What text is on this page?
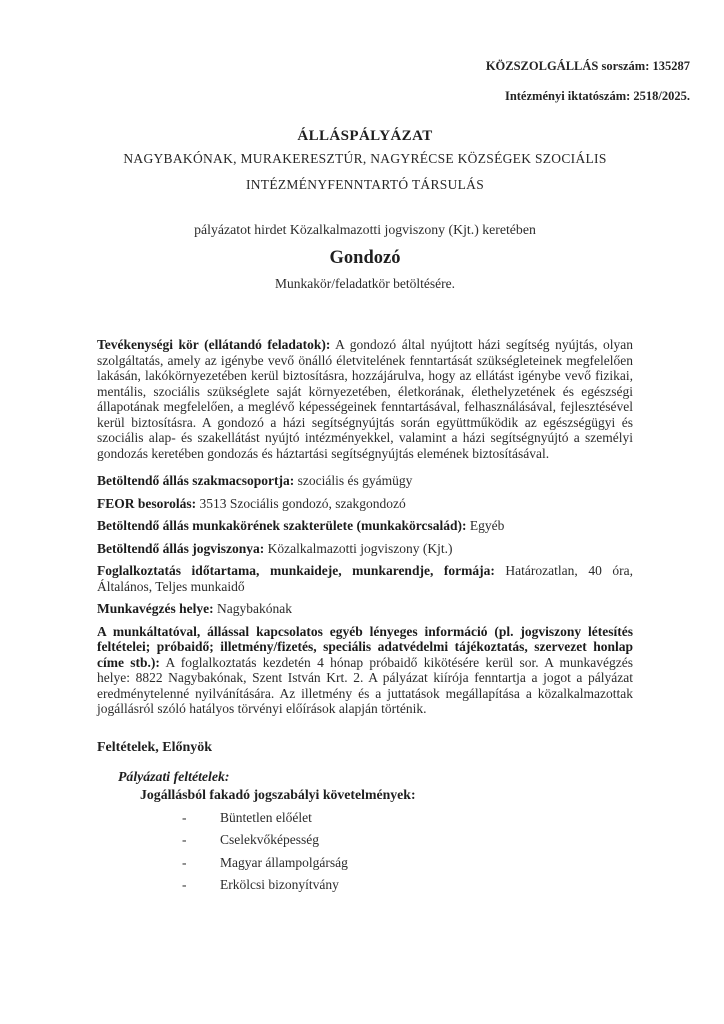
KÖZSZOLGÁLLÁS sorszám: 135287

Intézményi iktatószám: 2518/2025.

ÁLLÁSPÁLYÁZAT

NAGYBAKÓNAK, MURAKERESZTÚR, NAGYRÉCSE KÖZSÉGEK SZOCIÁLIS

INTÉZMÉNYFENNTARTÓ TÁRSULÁS

pályázatot hirdet Közalkalmazotti jogviszony (Kjt.) keretében

Gondozó

Munkakör/feladatkör betöltésére.

Tevékenységi kör (ellátandó feladatok): A gondozó által nyújtott házi segítség nyújtás, olyan szolgáltatás, amely az igénybe vevő önálló életvitelének fenntartását szükségleteinek megfelelően lakásán, lakókörnyezetében kerül biztosításra, hozzájárulva, hogy az ellátást igénybe vevő fizikai, mentális, szociális szükséglete saját környezetében, életkorának, élethelyzetének és egészségi állapotának megfelelően, a meglévő képességeinek fenntartásával, felhasználásával, fejlesztésével kerül biztosításra. A gondozó a házi segítségnyújtás során együttműködik az egészségügyi és szociális alap- és szakellátást nyújtó intézményekkel, valamint a házi segítségnyújtó a személyi gondozás keretében gondozás és háztartási segítségnyújtás elemének biztosításával.

Betöltendő állás szakmacsoportja: szociális és gyámügy

FEOR besorolás: 3513 Szociális gondozó, szakgondozó

Betöltendő állás munkakörének szakterülete (munkakörcsalád): Egyéb

Betöltendő állás jogviszonya: Közalkalmazotti jogviszony (Kjt.)

Foglalkoztatás időtartama, munkaideje, munkarendje, formája: Határozatlan, 40 óra, Általános, Teljes munkaidő

Munkavégzés helye: Nagybakónak

A munkáltatóval, állással kapcsolatos egyéb lényeges információ (pl. jogviszony létesítés feltételei; próbaidő; illetmény/fizetés, speciális adatvédelmi tájékoztatás, szervezet honlap címe stb.): A foglalkoztatás kezdetén 4 hónap próbaidő kikötésére kerül sor. A munkavégzés helye: 8822 Nagybakónak, Szent István Krt. 2. A pályázat kiírója fenntartja a jogot a pályázat eredménytelenné nyilvánítására. Az illetmény és a juttatások megállapítása a közalkalmazottak jogállásról szóló hatályos törvényi előírások alapján történik.

Feltételek, Előnyök

Pályázati feltételek:

Jogállásból fakadó jogszabályi követelmények:

- Büntetlen előélet
- Cselekvőképesség
- Magyar állampolgárság
- Erkölcsi bizonyítvány
